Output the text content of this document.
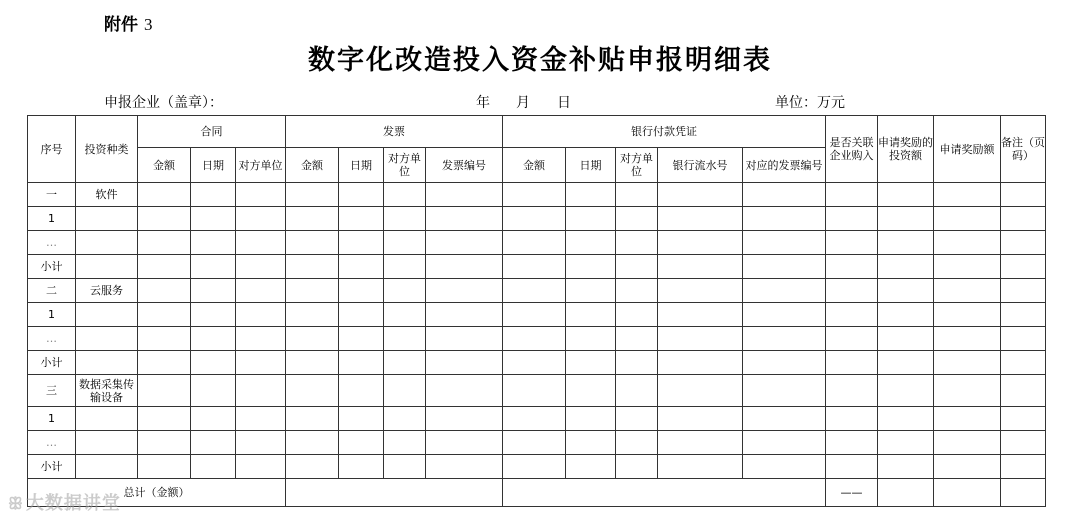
附件 3
数字化改造投入资金补贴申报明细表
申报企业（盖章）：	年 月 日	单位：万元
序号	投资种类	合同			发票				银行付款凭证					是否关联企业购入	申请奖励的投资额	申请奖励额	备注（页码）
		金额	日期	对方单位	金额	日期	对方单位	发票编号	金额	日期	对方单位	银行流水号	对应的发票编号				
一	软件																
1																	
…																	
小计																	
二	云服务																
1																	
…																	
小计																	
三	数据采集传输设备																
1																	
…																	
小计																	
总计（金额）														——			
ꕥ 大数据讲堂
